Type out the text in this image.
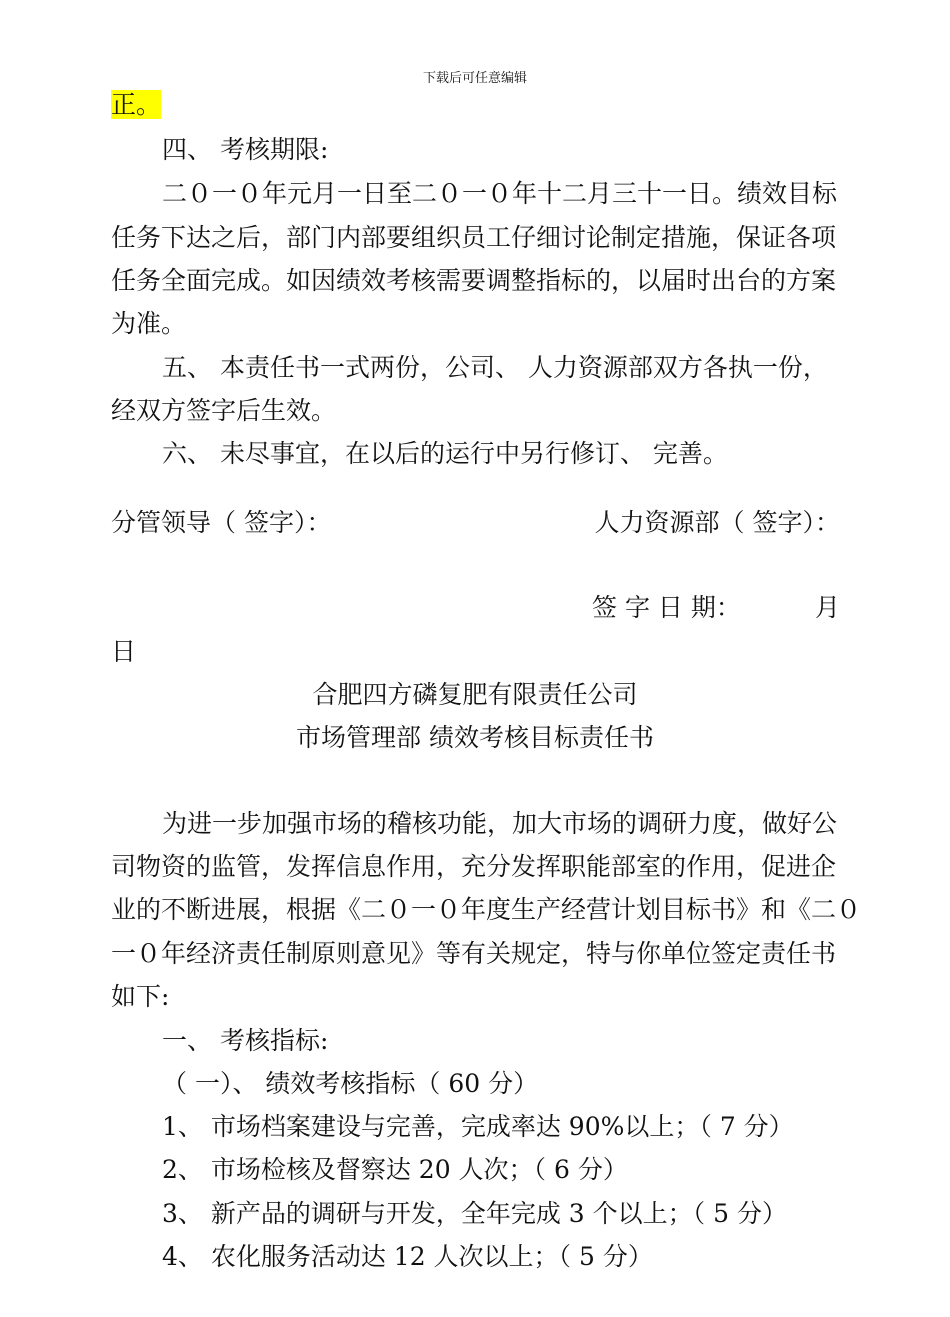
下载后可任意编辑
正。
四、 考核期限:
二０一０年元月一日至二０一０年十二月三十一日。绩效目标
任务下达之后，部门内部要组织员工仔细讨论制定措施，保证各项
任务全面完成。如因绩效考核需要调整指标的，以届时出台的方案
为准。
五、 本责任书一式两份，公司、 人力资源部双方各执一份，
经双方签字后生效。
六、 未尽事宜，在以后的运行中另行修订、 完善。
分管领导（ 签字）：	人力资源部（ 签字）：
签 字 日 期：	月
日
合肥四方磷复肥有限责任公司
市场管理部 绩效考核目标责任书
为进一步加强市场的稽核功能，加大市场的调研力度，做好公
司物资的监管，发挥信息作用，充分发挥职能部室的作用，促进企
业的不断进展，根据《二０一０年度生产经营计划目标书》和《二０
一０年经济责任制原则意见》等有关规定，特与你单位签定责任书
如下:
一、 考核指标:
（ 一）、 绩效考核指标（ 60 分）
1、 市场档案建设与完善，完成率达 90%以上；（ 7 分）
2、 市场检核及督察达 20 人次；（ 6 分）
3、 新产品的调研与开发，全年完成 3 个以上；（ 5 分）
4、 农化服务活动达 12 人次以上；（ 5 分）
